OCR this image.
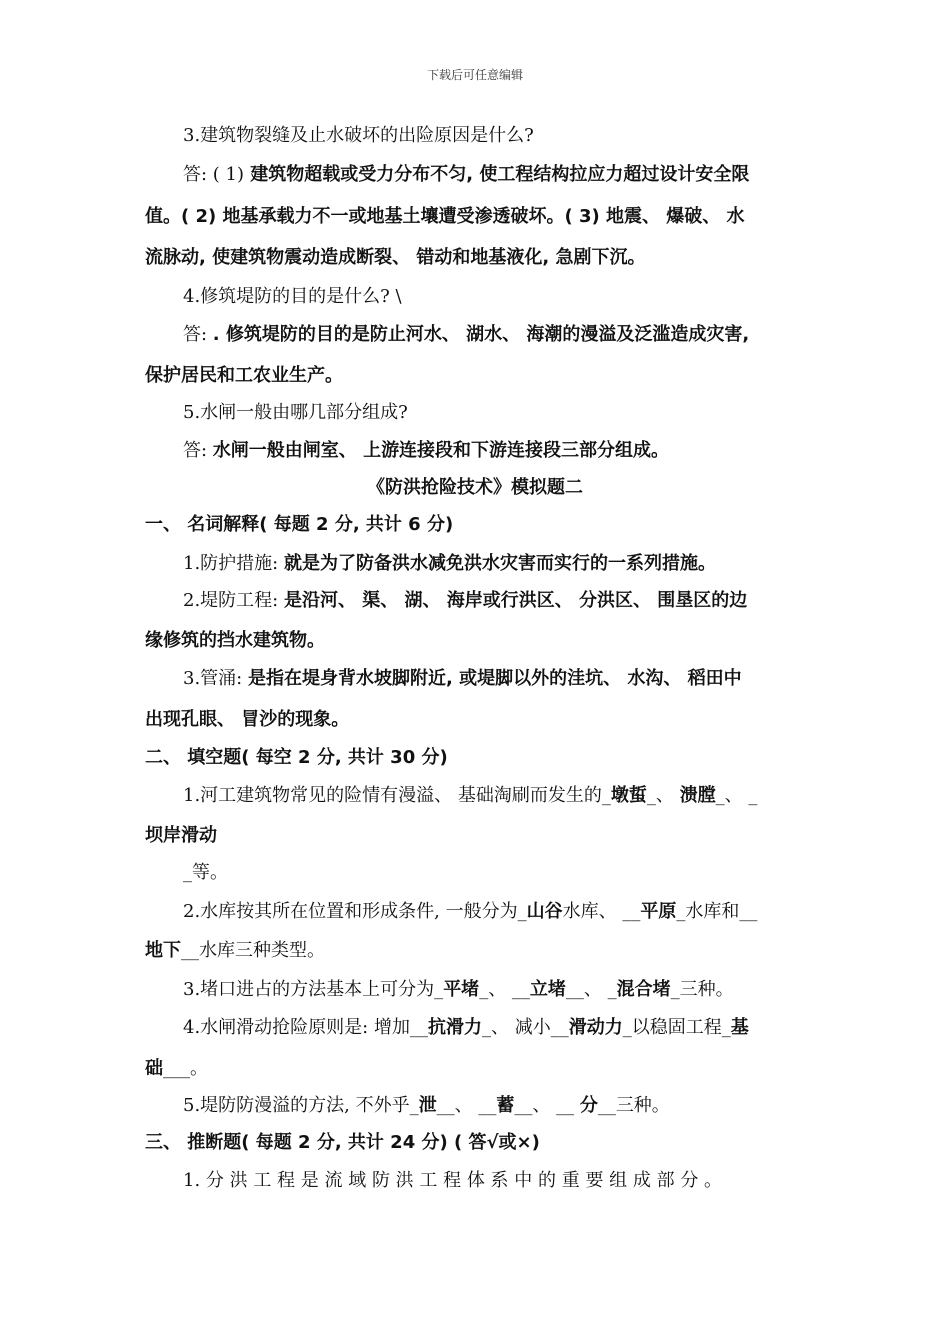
下载后可任意编辑
3.建筑物裂缝及止水破坏的出险原因是什么?
答: ( 1) 建筑物超载或受力分布不匀, 使工程结构拉应力超过设计安全限
值。( 2) 地基承载力不一或地基土壤遭受渗透破坏。( 3) 地震、 爆破、 水
流脉动, 使建筑物震动造成断裂、 错动和地基液化, 急剧下沉。
4.修筑堤防的目的是什么? \
答: . 修筑堤防的目的是防止河水、 湖水、 海潮的漫溢及泛滥造成灾害,
保护居民和工农业生产。
5.水闸一般由哪几部分组成?
答: 水闸一般由闸室、 上游连接段和下游连接段三部分组成。
《防洪抢险技术》模拟题二
一、 名词解释( 每题 2 分, 共计 6 分)
1.防护措施: 就是为了防备洪水减免洪水灾害而实行的一系列措施。
2.堤防工程: 是沿河、 渠、 湖、 海岸或行洪区、 分洪区、 围垦区的边
缘修筑的挡水建筑物。
3.管涌: 是指在堤身背水坡脚附近, 或堤脚以外的洼坑、 水沟、 稻田中
出现孔眼、 冒沙的现象。
二、 填空题( 每空 2 分, 共计 30 分)
1.河工建筑物常见的险情有漫溢、 基础淘刷而发生的_墩蜇_、 溃膛_、 _
坝岸滑动
_等。
2.水库按其所在位置和形成条件, 一般分为_山谷水库、 __平原_水库和__
地下__水库三种类型。
3.堵口进占的方法基本上可分为_平堵_、 __立堵__、 _混合堵_三种。
4.水闸滑动抢险原则是: 增加__抗滑力_、 减小__滑动力_以稳固工程_基
础___。
5.堤防防漫溢的方法, 不外乎_泄__、 __蓄__、 __ 分__三种。
三、 推断题( 每题 2 分, 共计 24 分) ( 答√或×)
1. 分 洪 工 程 是 流 域 防 洪 工 程 体 系 中 的 重 要 组 成 部 分 。
